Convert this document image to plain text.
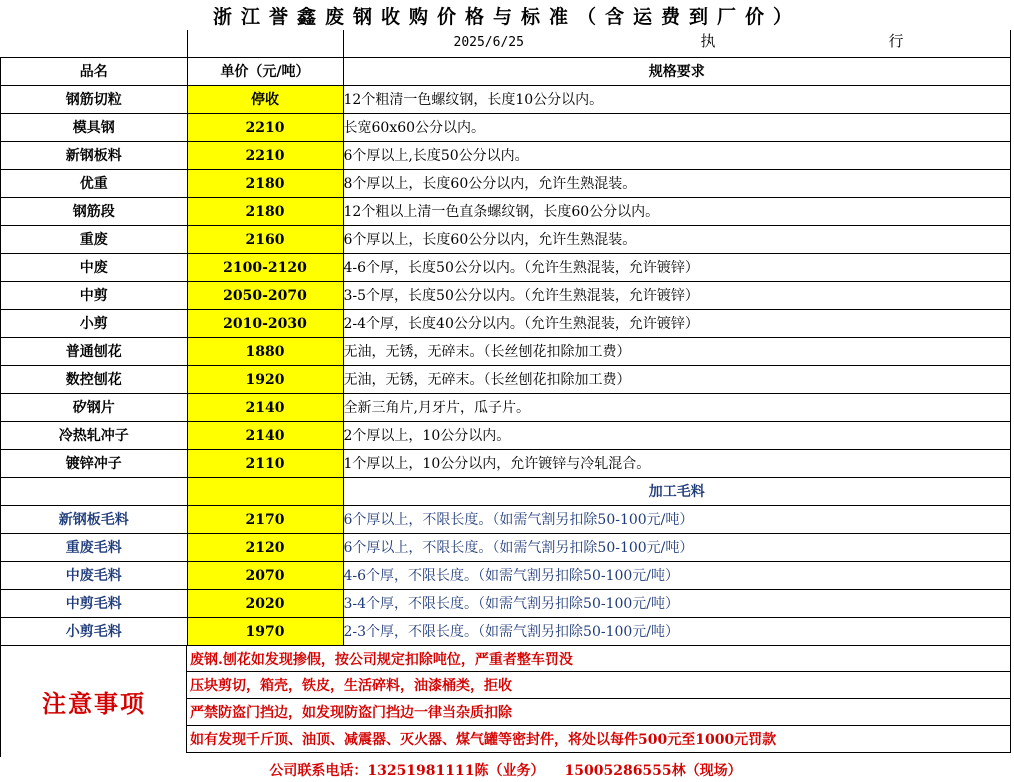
浙江誉鑫废钢收购价格与标准（含运费到厂价）

		2025/6/25 执 行

品名	单价（元/吨）	规格要求
钢筋切粒	停收	12个粗清一色螺纹钢，长度10公分以内。
模具钢	2210	长宽60x60公分以内。
新钢板料	2210	6个厚以上,长度50公分以内。
优重	2180	8个厚以上，长度60公分以内，允许生熟混装。
钢筋段	2180	12个粗以上清一色直条螺纹钢，长度60公分以内。
重废	2160	6个厚以上，长度60公分以内，允许生熟混装。
中废	2100-2120	4-6个厚，长度50公分以内。（允许生熟混装，允许镀锌）
中剪	2050-2070	3-5个厚，长度50公分以内。（允许生熟混装，允许镀锌）
小剪	2010-2030	2-4个厚，长度40公分以内。（允许生熟混装，允许镀锌）
普通刨花	1880	无油，无锈，无碎末。（长丝刨花扣除加工费）
数控刨花	1920	无油，无锈，无碎末。（长丝刨花扣除加工费）
矽钢片	2140	全新三角片,月牙片，瓜子片。
冷热轧冲子	2140	2个厚以上，10公分以内。
镀锌冲子	2110	1个厚以上，10公分以内，允许镀锌与冷轧混合。
		加工毛料
新钢板毛料	2170	6个厚以上，不限长度。（如需气割另扣除50-100元/吨）
重废毛料	2120	6个厚以上，不限长度。（如需气割另扣除50-100元/吨）
中废毛料	2070	4-6个厚，不限长度。（如需气割另扣除50-100元/吨）
中剪毛料	2020	3-4个厚，不限长度。（如需气割另扣除50-100元/吨）
小剪毛料	1970	2-3个厚，不限长度。（如需气割另扣除50-100元/吨）
注意事项
废钢.刨花如发现掺假，按公司规定扣除吨位，严重者整车罚没
压块剪切，箱壳，铁皮，生活碎料，油漆桶类，拒收
严禁防盗门挡边，如发现防盗门挡边一律当杂质扣除
如有发现千斤顶、油顶、减震器、灭火器、煤气罐等密封件，将处以每件500元至1000元罚款
公司联系电话：13251981111陈（业务） 15005286555林（现场）
